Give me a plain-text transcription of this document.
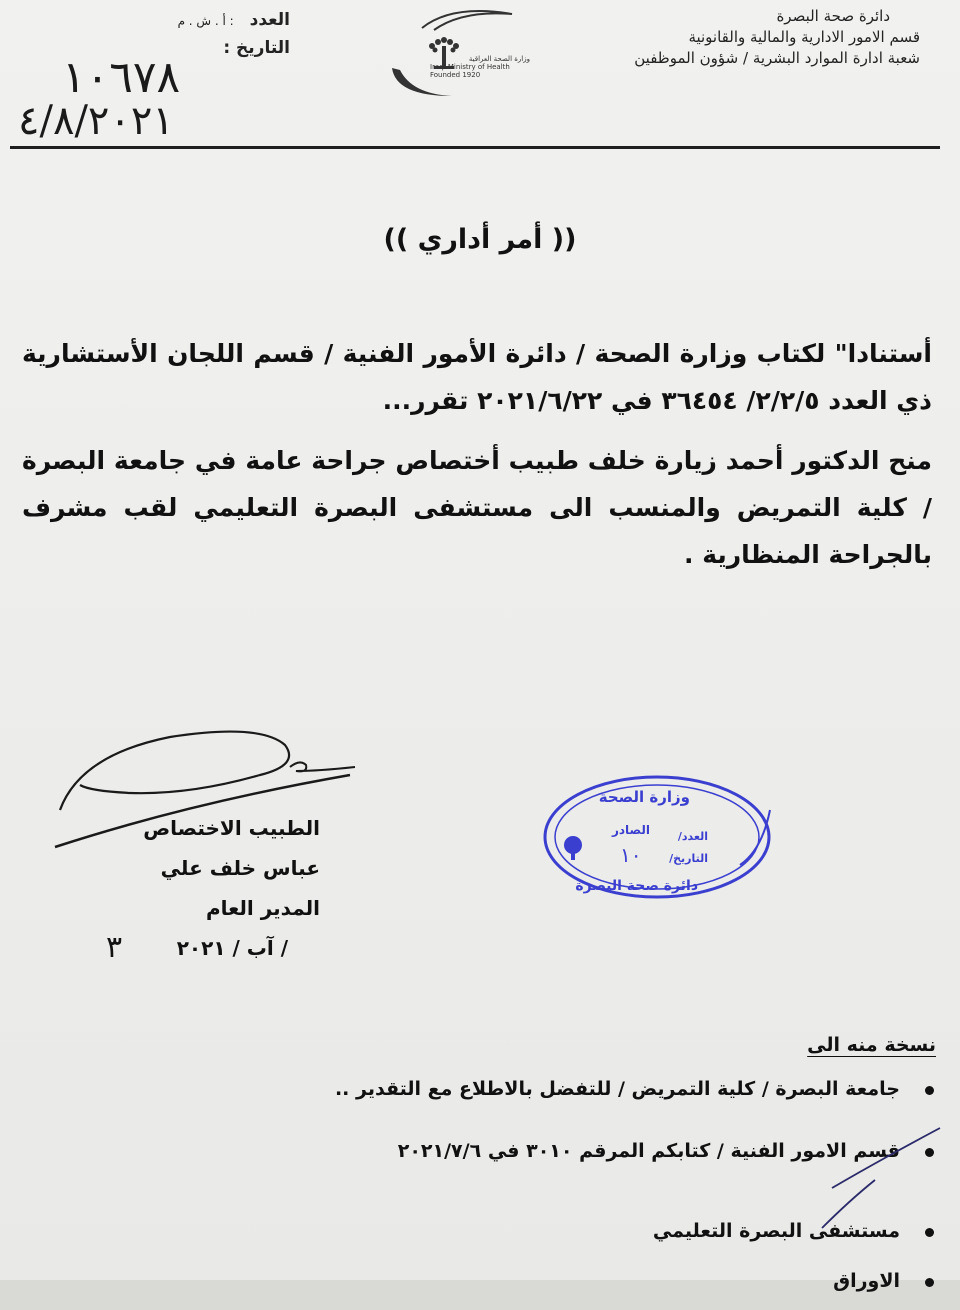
دائرة صحة البصرة
قسم الامور الادارية والمالية والقانونية
شعبة ادارة الموارد البشرية / شؤون الموظفين
وزارة الصحة العراقية
Iraqi Ministry of Health
Founded 1920
العدد : أ . ش . م
التاريخ :
١٠٦٧٨
٤/٨/٢٠٢١
(( أمر أداري ))

أستنادا" لكتاب وزارة الصحة / دائرة الأمور الفنية / قسم اللجان الأستشارية ذي العدد ٢/٢/٥/ ٣٦٤٥٤ في ٢٠٢١/٦/٢٢ تقرر...

منح الدكتور أحمد زيارة خلف طبيب أختصاص جراحة عامة في جامعة البصرة / كلية التمريض والمنسب الى مستشفى البصرة التعليمي لقب مشرف بالجراحة المنظارية .

الطبيب الاختصاص
عباس خلف علي
المدير العام
/ آب / ٢٠٢١
٣
وزارة الصحة
الصادر	العدد/
التاريخ/
١٠
دائرة صحة البصرة
نسخة منه الى
جامعة البصرة / كلية التمريض / للتفضل بالاطلاع مع التقدير ..
قسم الامور الفنية / كتابكم المرقم ٣٠١٠ في ٢٠٢١/٧/٦
مستشفى البصرة التعليمي
الاوراق
